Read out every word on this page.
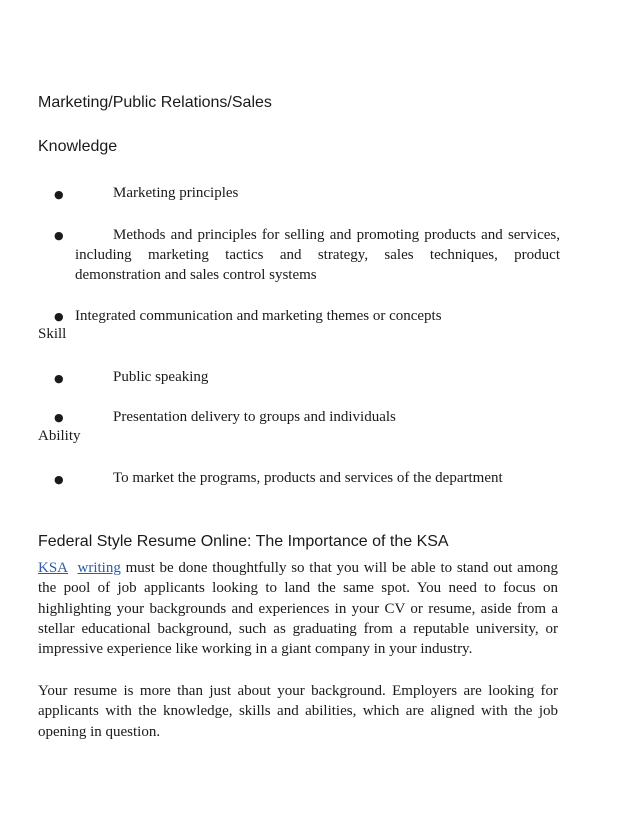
Marketing/Public Relations/Sales
Knowledge
●	Marketing principles
●	Methods and principles for selling and promoting products and services, including marketing tactics and strategy, sales techniques, product demonstration and sales control systems
● Integrated communication and marketing themes or concepts
Skill
●	Public speaking
●	Presentation delivery to groups and individuals
Ability
●	To market the programs, products and services of the department
Federal Style Resume Online: The Importance of the KSA
KSA writing must be done thoughtfully so that you will be able to stand out among the pool of job applicants looking to land the same spot. You need to focus on highlighting your backgrounds and experiences in your CV or resume, aside from a stellar educational background, such as graduating from a reputable university, or impressive experience like working in a giant company in your industry.
Your resume is more than just about your background. Employers are looking for applicants with the knowledge, skills and abilities, which are aligned with the job opening in question.
